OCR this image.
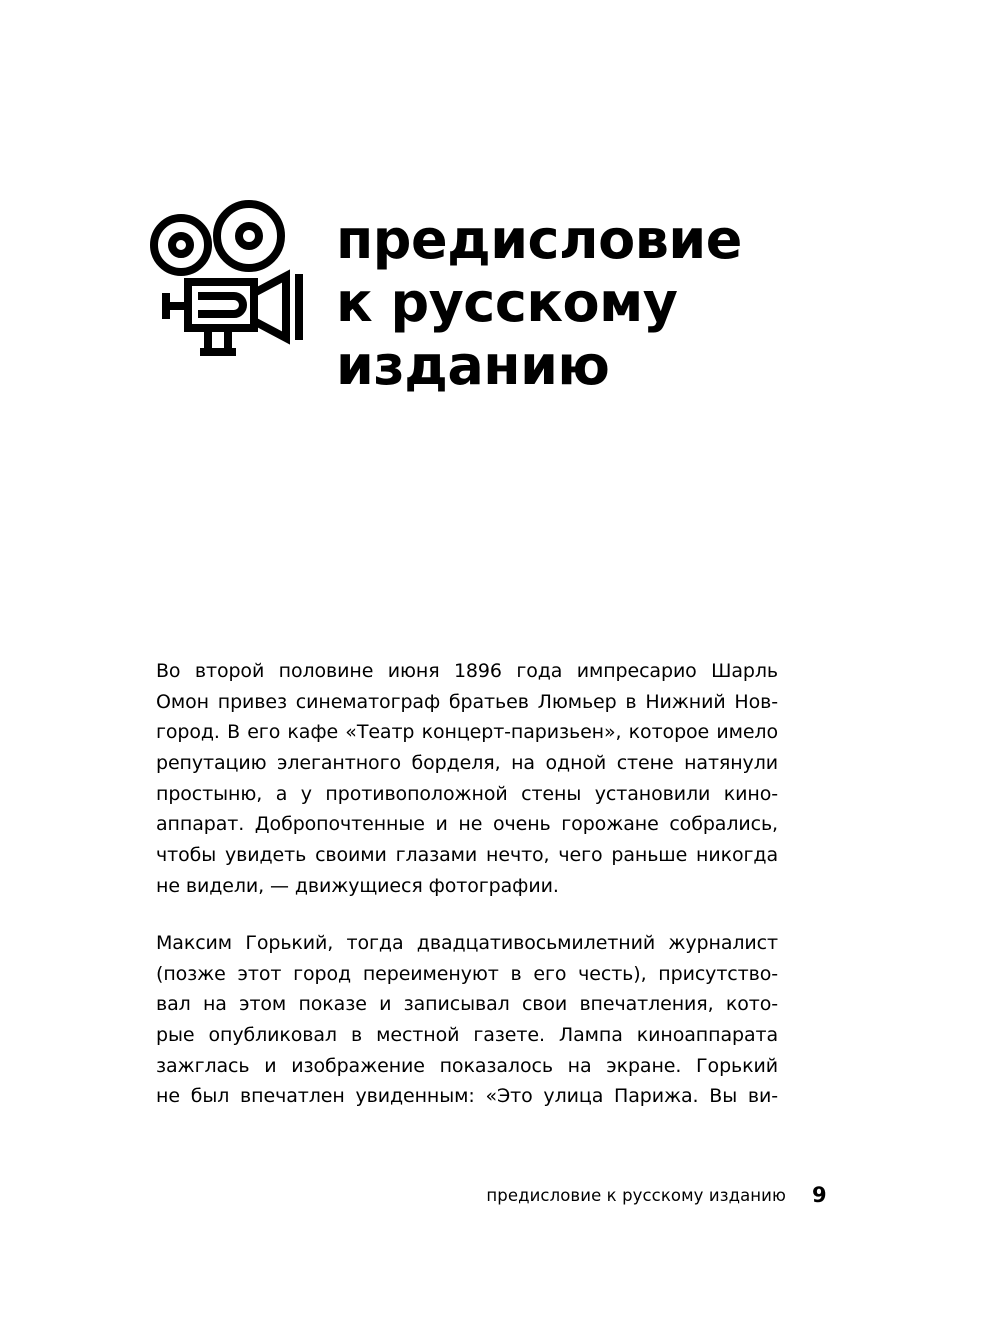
предисловие
к русскому
изданию

Во второй половине июня 1896 года импресарио Шарль
Омон привез синематограф братьев Люмьер в Нижний Нов-
город. В его кафе «Театр концерт-паризьен», которое имело
репутацию элегантного борделя, на одной стене натянули
простыню, а у противоположной стены установили кино-
аппарат. Добропочтенные и не очень горожане собрались,
чтобы увидеть своими глазами нечто, чего раньше никогда
не видели, — движущиеся фотографии.

Максим Горький, тогда двадцативосьмилетний журналист
(позже этот город переименуют в его честь), присутство-
вал на этом показе и записывал свои впечатления, кото-
рые опубликовал в местной газете. Лампа киноаппарата
зажглась и изображение показалось на экране. Горький
не был впечатлен увиденным: «Это улица Парижа. Вы ви-

предисловие к русскому изданию 9
